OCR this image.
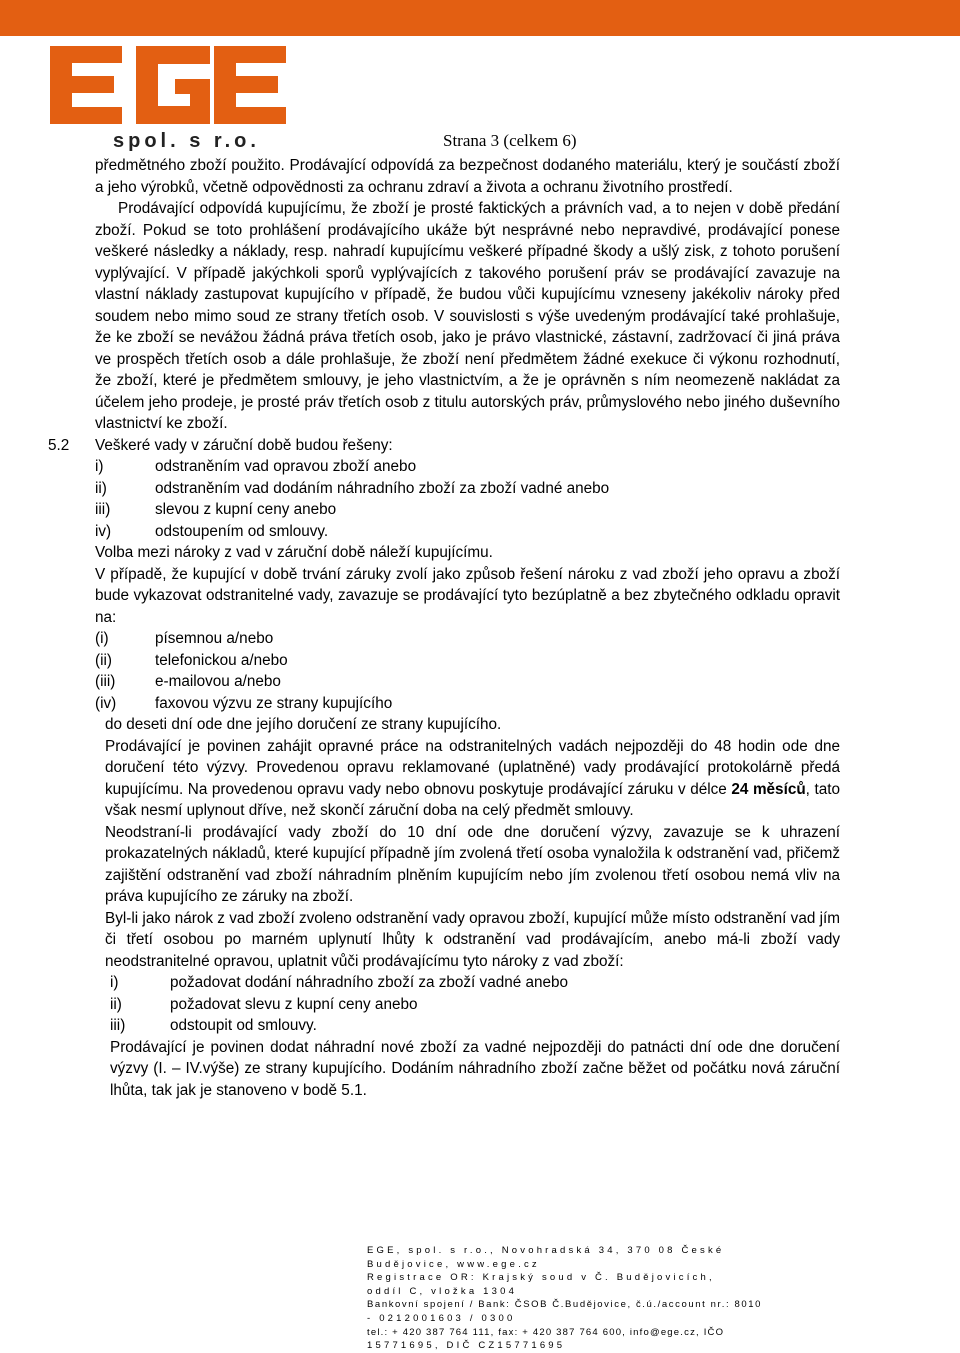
spol. s r.o.	Strana 3 (celkem 6)

předmětného zboží použito. Prodávající odpovídá za bezpečnost dodaného materiálu, který je součástí zboží a jeho výrobků, včetně odpovědnosti za ochranu zdraví a života a ochranu životního prostředí.

Prodávající odpovídá kupujícímu, že zboží je prosté faktických a právních vad, a to nejen v době předání zboží. Pokud se toto prohlášení prodávajícího ukáže být nesprávné nebo nepravdivé, prodávající ponese veškeré následky a náklady, resp. nahradí kupujícímu veškeré případné škody a ušlý zisk, z tohoto porušení vyplývající. V případě jakýchkoli sporů vyplývajících z takového porušení práv se prodávající zavazuje na vlastní náklady zastupovat kupujícího v případě, že budou vůči kupujícímu vzneseny jakékoliv nároky před soudem nebo mimo soud ze strany třetích osob. V souvislosti s výše uvedeným prodávající také prohlašuje, že ke zboží se nevážou žádná práva třetích osob, jako je právo vlastnické, zástavní, zadržovací či jiná práva ve prospěch třetích osob a dále prohlašuje, že zboží není předmětem žádné exekuce či výkonu rozhodnutí, že zboží, které je předmětem smlouvy, je jeho vlastnictvím, a že je oprávněn s ním neomezeně nakládat za účelem jeho prodeje, je prosté práv třetích osob z titulu autorských práv, průmyslového nebo jiného duševního vlastnictví ke zboží.

5.2 Veškeré vady v záruční době budou řešeny:
i)	odstraněním vad opravou zboží anebo
ii)	odstraněním vad dodáním náhradního zboží za zboží vadné anebo
iii)	slevou z kupní ceny anebo
iv)	odstoupením od smlouvy.

Volba mezi nároky z vad v záruční době náleží kupujícímu.

V případě, že kupující v době trvání záruky zvolí jako způsob řešení nároku z vad zboží jeho opravu a zboží bude vykazovat odstranitelné vady, zavazuje se prodávající tyto bezúplatně a bez zbytečného odkladu opravit na:

(i)	písemnou a/nebo
(ii)	telefonickou a/nebo
(iii)	e-mailovou a/nebo
(iv)	faxovou výzvu ze strany kupujícího

do deseti dní ode dne jejího doručení ze strany kupujícího.

Prodávající je povinen zahájit opravné práce na odstranitelných vadách nejpozději do 48 hodin ode dne doručení této výzvy. Provedenou opravu reklamované (uplatněné) vady prodávající protokolárně předá kupujícímu. Na provedenou opravu vady nebo obnovu poskytuje prodávající záruku v délce 24 měsíců, tato však nesmí uplynout dříve, než skončí záruční doba na celý předmět smlouvy.

Neodstraní-li prodávající vady zboží do 10 dní ode dne doručení výzvy, zavazuje se k uhrazení prokazatelných nákladů, které kupující případně jím zvolená třetí osoba vynaložila k odstranění vad, přičemž zajištění odstranění vad zboží náhradním plněním kupujícím nebo jím zvolenou třetí osobou nemá vliv na práva kupujícího ze záruky na zboží.

Byl-li jako nárok z vad zboží zvoleno odstranění vady opravou zboží, kupující může místo odstranění vad jím či třetí osobou po marném uplynutí lhůty k odstranění vad prodávajícím, anebo má-li zboží vady neodstranitelné opravou, uplatnit vůči prodávajícímu tyto nároky z vad zboží:

i)	požadovat dodání náhradního zboží za zboží vadné anebo
ii)	požadovat slevu z kupní ceny anebo
iii)	odstoupit od smlouvy.

Prodávající je povinen dodat náhradní nové zboží za vadné nejpozději do patnácti dní ode dne doručení výzvy (I. – IV.výše) ze strany kupujícího. Dodáním náhradního zboží začne běžet od počátku nová záruční lhůta, tak jak je stanoveno v bodě 5.1.

EGE, spol. s r.o., Novohradská 34, 370 08 České
Budějovice, www.ege.cz
Registrace OR: Krajský soud v Č. Budějovicích,
oddíl C, vložka 1304
Bankovní spojení / Bank: ČSOB Č.Budějovice, č.ú./account nr.: 8010
- 0212001603 / 0300
tel.: + 420 387 764 111, fax: + 420 387 764 600, info@ege.cz, IČO
15771695, DIČ CZ15771695
